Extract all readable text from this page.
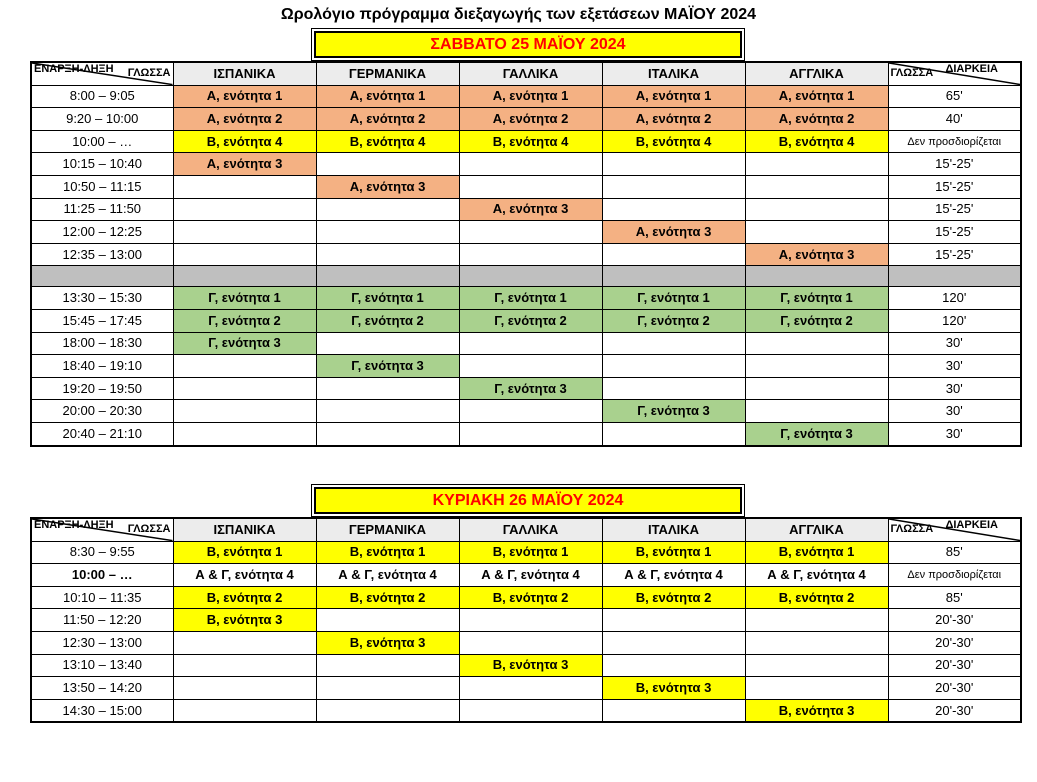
Ωρολόγιο πρόγραμμα διεξαγωγής των εξετάσεων ΜΑΪΟΥ 2024
ΣΑΒΒΑΤΟ 25 ΜΑΪΟΥ 2024
ΓΛΩΣΣΑ
ΕΝΑΡΞΗ-ΛΗΞΗ	ΙΣΠΑΝΙΚΑ	ΓΕΡΜΑΝΙΚΑ	ΓΑΛΛΙΚΑ	ΙΤΑΛΙΚΑ	ΑΓΓΛΙΚΑ	ΓΛΩΣΣΑ ΔΙΑΡΚΕΙΑ

8:00 – 9:05	Α, ενότητα 1	Α, ενότητα 1	Α, ενότητα 1	Α, ενότητα 1	Α, ενότητα 1	65'
9:20 – 10:00	Α, ενότητα 2	Α, ενότητα 2	Α, ενότητα 2	Α, ενότητα 2	Α, ενότητα 2	40'
10:00 – …	Β, ενότητα 4	Β, ενότητα 4	Β, ενότητα 4	Β, ενότητα 4	Β, ενότητα 4	Δεν προσδιορίζεται
10:15 – 10:40	Α, ενότητα 3					15'-25'
10:50 – 11:15		Α, ενότητα 3				15'-25'
11:25 – 11:50			Α, ενότητα 3			15'-25'
12:00 – 12:25				Α, ενότητα 3		15'-25'
12:35 – 13:00					Α, ενότητα 3	15'-25'

13:30 – 15:30	Γ, ενότητα 1	Γ, ενότητα 1	Γ, ενότητα 1	Γ, ενότητα 1	Γ, ενότητα 1	120'
15:45 – 17:45	Γ, ενότητα 2	Γ, ενότητα 2	Γ, ενότητα 2	Γ, ενότητα 2	Γ, ενότητα 2	120'
18:00 – 18:30	Γ, ενότητα 3					30'
18:40 – 19:10		Γ, ενότητα 3				30'
19:20 – 19:50			Γ, ενότητα 3			30'
20:00 – 20:30				Γ, ενότητα 3		30'
20:40 – 21:10					Γ, ενότητα 3	30'
ΚΥΡΙΑΚΗ 26 ΜΑΪΟΥ 2024
ΓΛΩΣΣΑ
ΕΝΑΡΞΗ-ΛΗΞΗ	ΙΣΠΑΝΙΚΑ	ΓΕΡΜΑΝΙΚΑ	ΓΑΛΛΙΚΑ	ΙΤΑΛΙΚΑ	ΑΓΓΛΙΚΑ	ΓΛΩΣΣΑ ΔΙΑΡΚΕΙΑ

8:30 – 9:55	Β, ενότητα 1	Β, ενότητα 1	Β, ενότητα 1	Β, ενότητα 1	Β, ενότητα 1	85'
10:00 – …	Α & Γ, ενότητα 4	Α & Γ, ενότητα 4	Α & Γ, ενότητα 4	Α & Γ, ενότητα 4	Α & Γ, ενότητα 4	Δεν προσδιορίζεται
10:10 – 11:35	Β, ενότητα 2	Β, ενότητα 2	Β, ενότητα 2	Β, ενότητα 2	Β, ενότητα 2	85'
11:50 – 12:20	Β, ενότητα 3					20'-30'
12:30 – 13:00		Β, ενότητα 3				20'-30'
13:10 – 13:40			Β, ενότητα 3			20'-30'
13:50 – 14:20				Β, ενότητα 3		20'-30'
14:30 – 15:00					Β, ενότητα 3	20'-30'
